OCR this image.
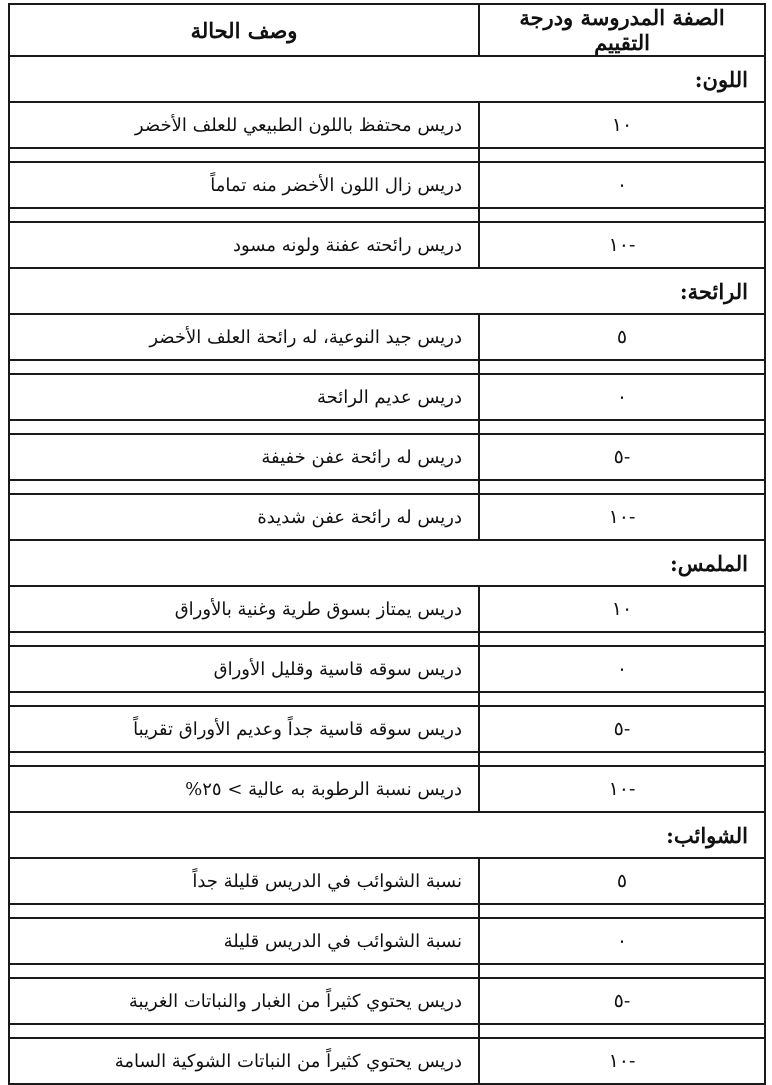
الصفة المدروسة ودرجة التقييم	وصف الحالة
اللون:	
١٠	دريس محتفظ باللون الطبيعي للعلف الأخضر

٠	دريس زال اللون الأخضر منه تماماً

-١٠	دريس رائحته عفنة ولونه مسود
الرائحة:	
٥	دريس جيد النوعية، له رائحة العلف الأخضر

٠	دريس عديم الرائحة

-٥	دريس له رائحة عفن خفيفة

-١٠	دريس له رائحة عفن شديدة
الملمس:	
١٠	دريس يمتاز بسوق طرية وغنية بالأوراق

٠	دريس سوقه قاسية وقليل الأوراق

-٥	دريس سوقه قاسية جداً وعديم الأوراق تقريباً

-١٠	دريس نسبة الرطوبة به عالية > ٢٥%
الشوائب:	
٥	نسبة الشوائب في الدريس قليلة جداً

٠	نسبة الشوائب في الدريس قليلة

-٥	دريس يحتوي كثيراً من الغبار والنباتات الغريبة

-١٠	دريس يحتوي كثيراً من النباتات الشوكية السامة
